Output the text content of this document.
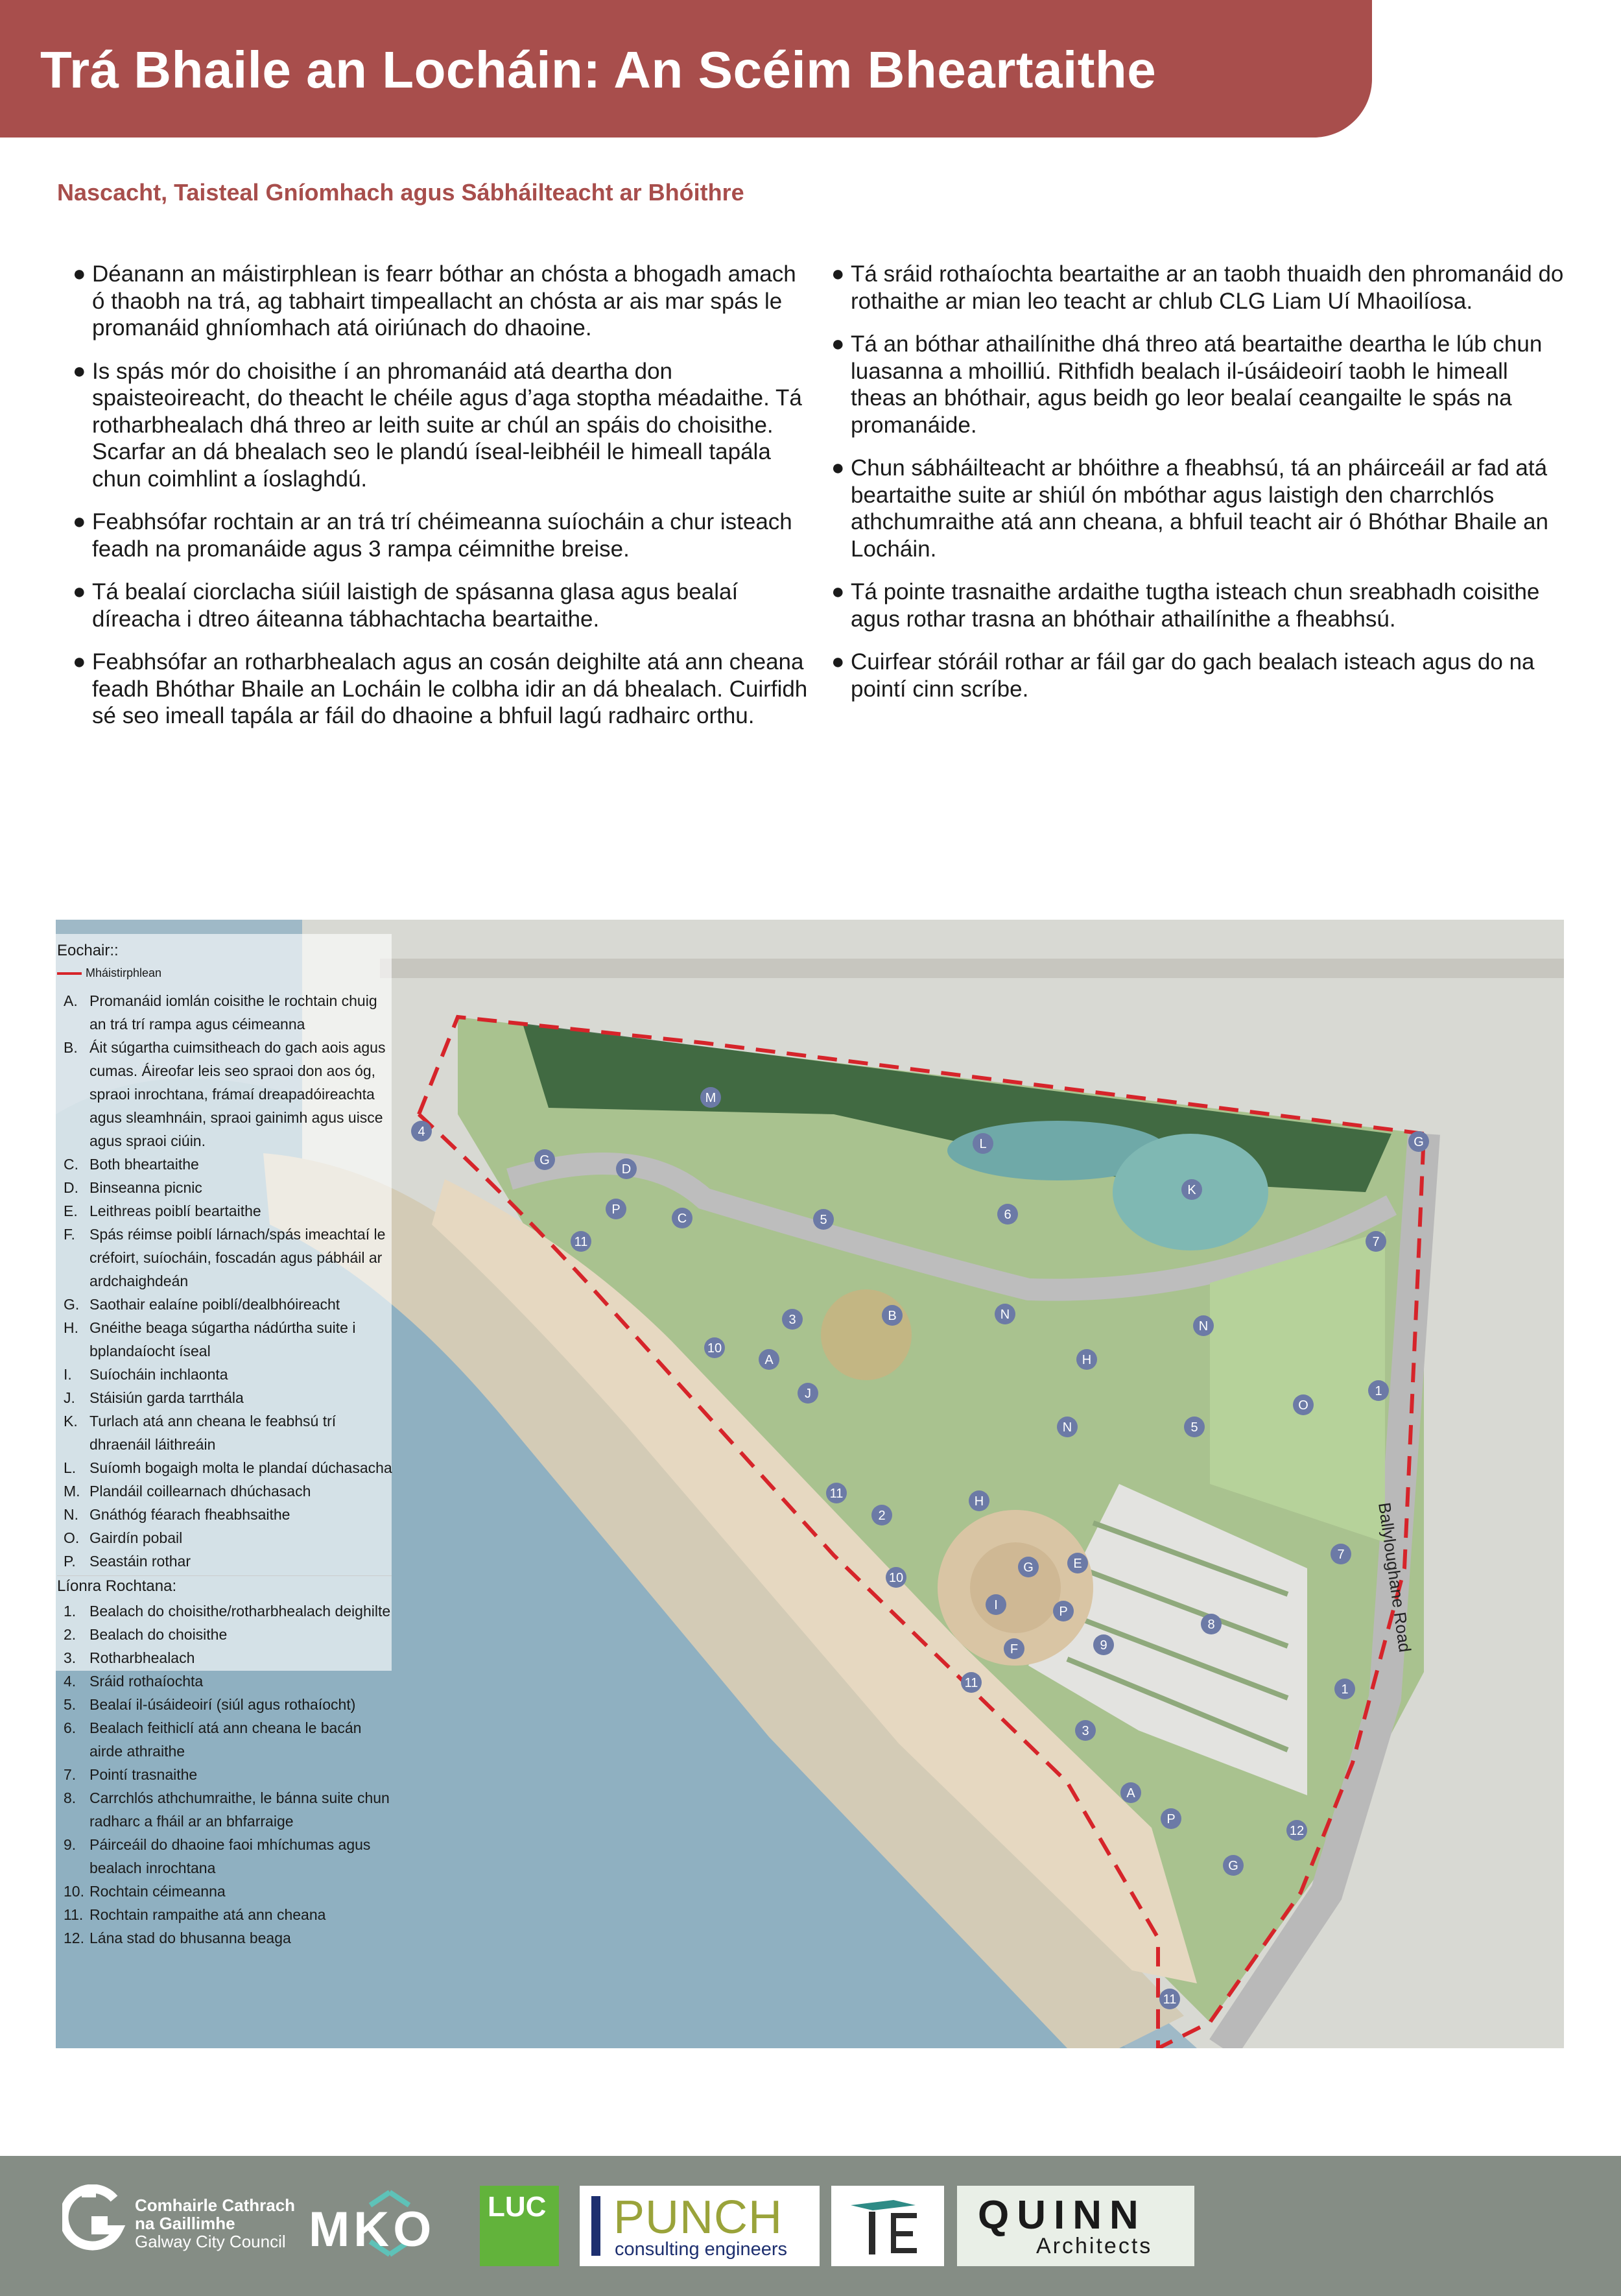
Trá Bhaile an Locháin: An Scéim Bheartaithe
Nascacht, Taisteal Gníomhach agus Sábháilteacht ar Bhóithre
● Déanann an máistirphlean is fearr bóthar an chósta a bhogadh amach ó thaobh na trá, ag tabhairt timpeallacht an chósta ar ais mar spás le promanáid ghníomhach atá oiriúnach do dhaoine.
● Is spás mór do choisithe í an phromanáid atá deartha don spaisteoireacht, do theacht le chéile agus d’aga stoptha méadaithe. Tá rotharbhealach dhá threo ar leith suite ar chúl an spáis do choisithe. Scarfar an dá bhealach seo le plandú íseal-leibhéil le himeall tapála chun coimhlint a íoslaghdú.
● Feabhsófar rochtain ar an trá trí chéimeanna suíocháin a chur isteach feadh na promanáide agus 3 rampa céimnithe breise.
● Tá bealaí ciorclacha siúil laistigh de spásanna glasa agus bealaí díreacha i dtreo áiteanna tábhachtacha beartaithe.
● Feabhsófar an rotharbhealach agus an cosán deighilte atá ann cheana feadh Bhóthar Bhaile an Locháin le colbha idir an dá bhealach. Cuirfidh sé seo imeall tapála ar fáil do dhaoine a bhfuil lagú radhairc orthu.
● Tá sráid rothaíochta beartaithe ar an taobh thuaidh den phromanáid do rothaithe ar mian leo teacht ar chlub CLG Liam Uí Mhaoilíosa.
● Tá an bóthar athailínithe dhá threo atá beartaithe deartha le lúb chun luasanna a mhoilliú. Rithfidh bealach il-úsáideoirí taobh le himeall theas an bhóthair, agus beidh go leor bealaí ceangailte le spás na promanáide.
● Chun sábháilteacht ar bhóithre a fheabhsú, tá an pháirceáil ar fad atá beartaithe suite ar shiúl ón mbóthar agus laistigh den charrchlós athchumraithe atá ann cheana, a bhfuil teacht air ó Bhóthar Bhaile an Locháin.
● Tá pointe trasnaithe ardaithe tugtha isteach chun sreabhadh coisithe agus rothar trasna an bhóthair athailínithe a fheabhsú.
● Cuirfear stóráil rothar ar fáil gar do gach bealach isteach agus do na pointí cinn scríbe.
Ballyloughane Road
M
L
K
G
4
G
D
P
C	5	6
7
11
B	N
N
3
10
A
J
H
1
O
5
N
11
2
H
G	E
10
I	P
7
8
F	9
11	1
3
A
P
12
G
11
Eochair::
Mháistirphlean
A. Promanáid iomlán coisithe le rochtain chuig an trá trí rampa agus céimeanna
B. Áit súgartha cuimsitheach do gach aois agus cumas. Áireofar leis seo spraoi don aos óg, spraoi inrochtana, frámaí dreapadóireachta agus sleamhnáin, spraoi gainimh agus uisce agus spraoi ciúin.
C. Both bheartaithe
D. Binseanna picnic
E. Leithreas poiblí beartaithe
F. Spás réimse poiblí lárnach/spás imeachtaí le créfoirt, suíocháin, foscadán agus pábháil ar ardchaighdeán
G. Saothair ealaíne poiblí/dealbhóireacht
H. Gnéithe beaga súgartha nádúrtha suite i bplandaíocht íseal
I. Suíocháin inchlaonta
J. Stáisiún garda tarrthála
K. Turlach atá ann cheana le feabhsú trí dhraenáil láithreáin
L. Suíomh bogaigh molta le plandaí dúchasacha
M. Plandáil coillearnach dhúchasach
N. Gnáthóg féarach fheabhsaithe
O. Gairdín pobail
P. Seastáin rothar
Líonra Rochtana:
1. Bealach do choisithe/rotharbhealach deighilte
2. Bealach do choisithe
3. Rotharbhealach
4. Sráid rothaíochta
5. Bealaí il-úsáideoirí (siúl agus rothaíocht)
6. Bealach feithiclí atá ann cheana le bacán airde athraithe
7. Pointí trasnaithe
8. Carrchlós athchumraithe, le bánna suite chun radharc a fháil ar an bhfarraige
9. Páirceáil do dhaoine faoi mhíchumas agus bealach inrochtana
10. Rochtain céimeanna
11. Rochtain rampaithe atá ann cheana
12. Lána stad do bhusanna beaga
Comhairle Cathrach
na Gaillimhe
Galway City Council MKO LUC PUNCH
consulting engineers
QUINN
Architects
